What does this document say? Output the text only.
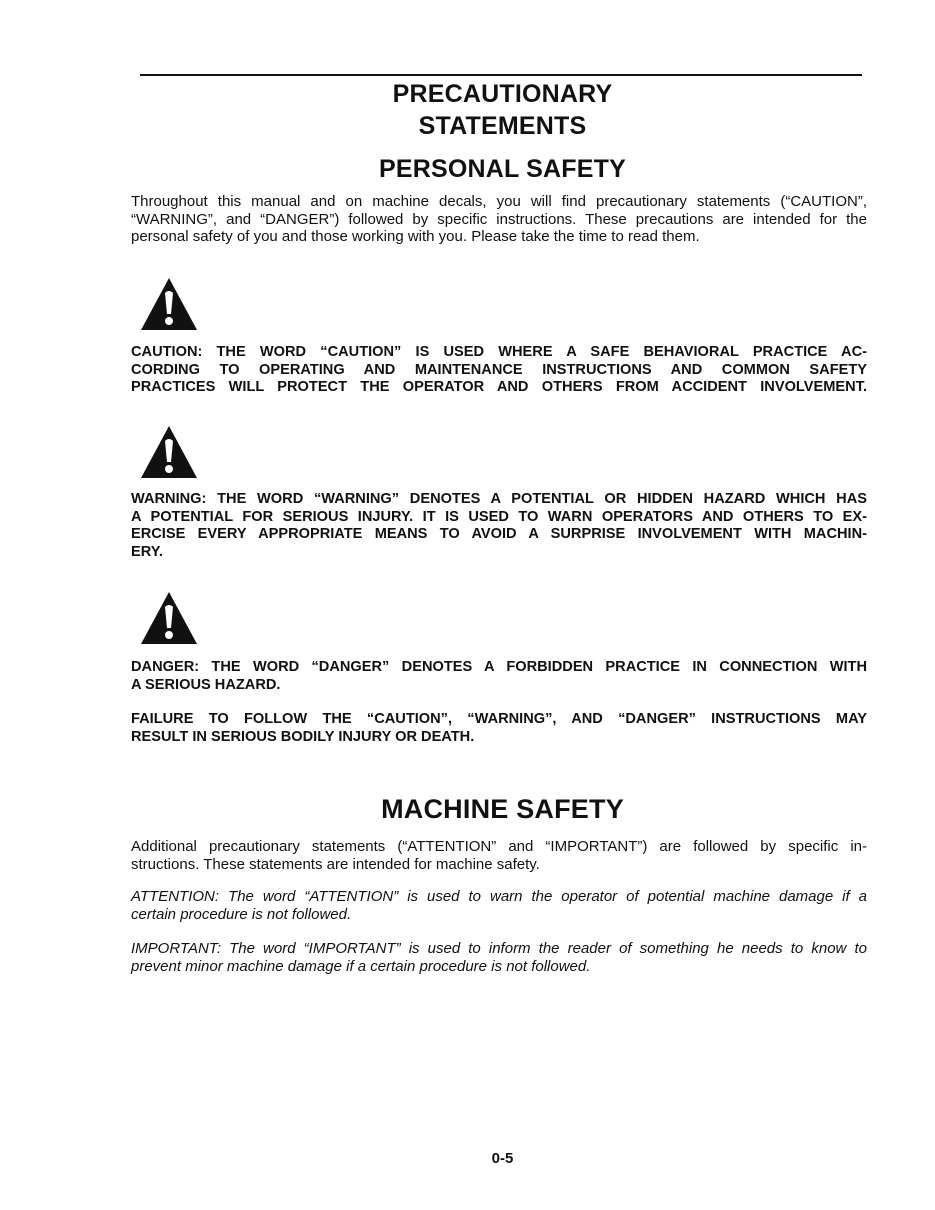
PRECAUTIONARY
STATEMENTS
PERSONAL SAFETY
Throughout this manual and on machine decals, you will find precautionary statements (“CAUTION”,
“WARNING”, and “DANGER”) followed by specific instructions. These precautions are intended for the
personal safety of you and those working with you. Please take the time to read them.
CAUTION: THE WORD “CAUTION” IS USED WHERE A SAFE BEHAVIORAL PRACTICE AC-
CORDING TO OPERATING AND MAINTENANCE INSTRUCTIONS AND COMMON SAFETY
PRACTICES WILL PROTECT THE OPERATOR AND OTHERS FROM ACCIDENT INVOLVEMENT.
WARNING: THE WORD “WARNING” DENOTES A POTENTIAL OR HIDDEN HAZARD WHICH HAS
A POTENTIAL FOR SERIOUS INJURY. IT IS USED TO WARN OPERATORS AND OTHERS TO EX-
ERCISE EVERY APPROPRIATE MEANS TO AVOID A SURPRISE INVOLVEMENT WITH MACHIN-
ERY.
DANGER: THE WORD “DANGER” DENOTES A FORBIDDEN PRACTICE IN CONNECTION WITH
A SERIOUS HAZARD.
FAILURE TO FOLLOW THE “CAUTION”, “WARNING”, AND “DANGER” INSTRUCTIONS MAY
RESULT IN SERIOUS BODILY INJURY OR DEATH.
MACHINE SAFETY
Additional precautionary statements (“ATTENTION” and “IMPORTANT”) are followed by specific in-
structions. These statements are intended for machine safety.
ATTENTION: The word “ATTENTION” is used to warn the operator of potential machine damage if a
certain procedure is not followed.
IMPORTANT: The word “IMPORTANT” is used to inform the reader of something he needs to know to
prevent minor machine damage if a certain procedure is not followed.
0-5
